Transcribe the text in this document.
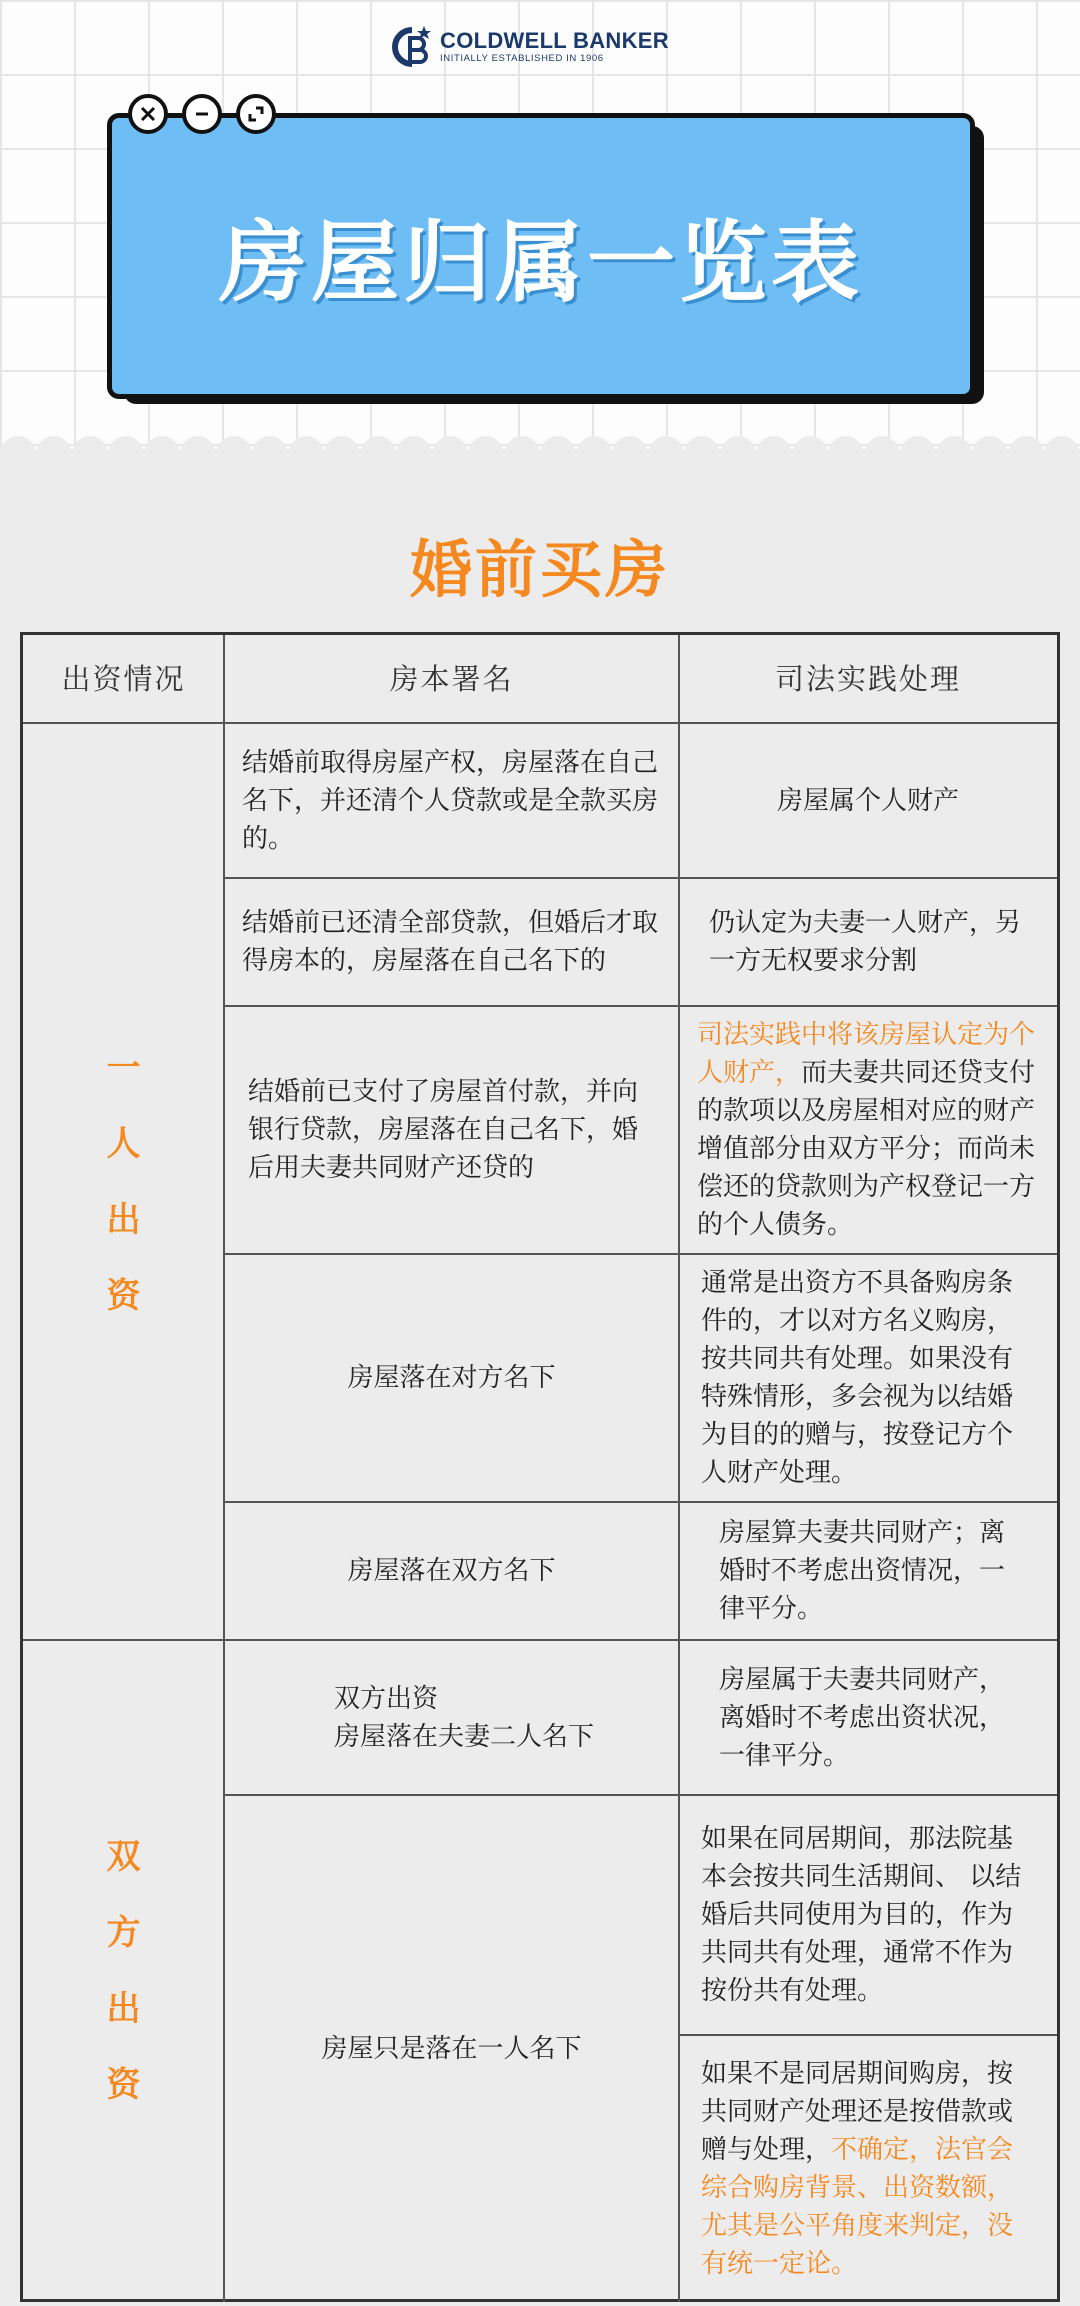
COLDWELL BANKER
INITIALLY ESTABLISHED IN 1906
房屋归属一览表
婚前买房
出资情况	房本署名	司法实践处理
一
人
出
资
结婚前取得房屋产权，房屋落在自己名下，并还清个人贷款或是全款买房的。
房屋属个人财产
结婚前已还清全部贷款，但婚后才取得房本的，房屋落在自己名下的
仍认定为夫妻一人财产，另一方无权要求分割
结婚前已支付了房屋首付款，并向银行贷款，房屋落在自己名下，婚后用夫妻共同财产还贷的
司法实践中将该房屋认定为个人财产，而夫妻共同还贷支付的款项以及房屋相对应的财产增值部分由双方平分；而尚未偿还的贷款则为产权登记一方的个人债务。
房屋落在对方名下
通常是出资方不具备购房条件的，才以对方名义购房，按共同共有处理。如果没有特殊情形，多会视为以结婚为目的的赠与，按登记方个人财产处理。
房屋落在双方名下
房屋算夫妻共同财产；离婚时不考虑出资情况，一律平分。
双
方
出
资
双方出资
房屋落在夫妻二人名下
房屋属于夫妻共同财产，离婚时不考虑出资状况，一律平分。
房屋只是落在一人名下
如果在同居期间，那法院基本会按共同生活期间、 以结婚后共同使用为目的，作为共同共有处理，通常不作为按份共有处理。
如果不是同居期间购房，按共同财产处理还是按借款或赠与处理，不确定，法官会综合购房背景、出资数额，尤其是公平角度来判定，没有统一定论。
